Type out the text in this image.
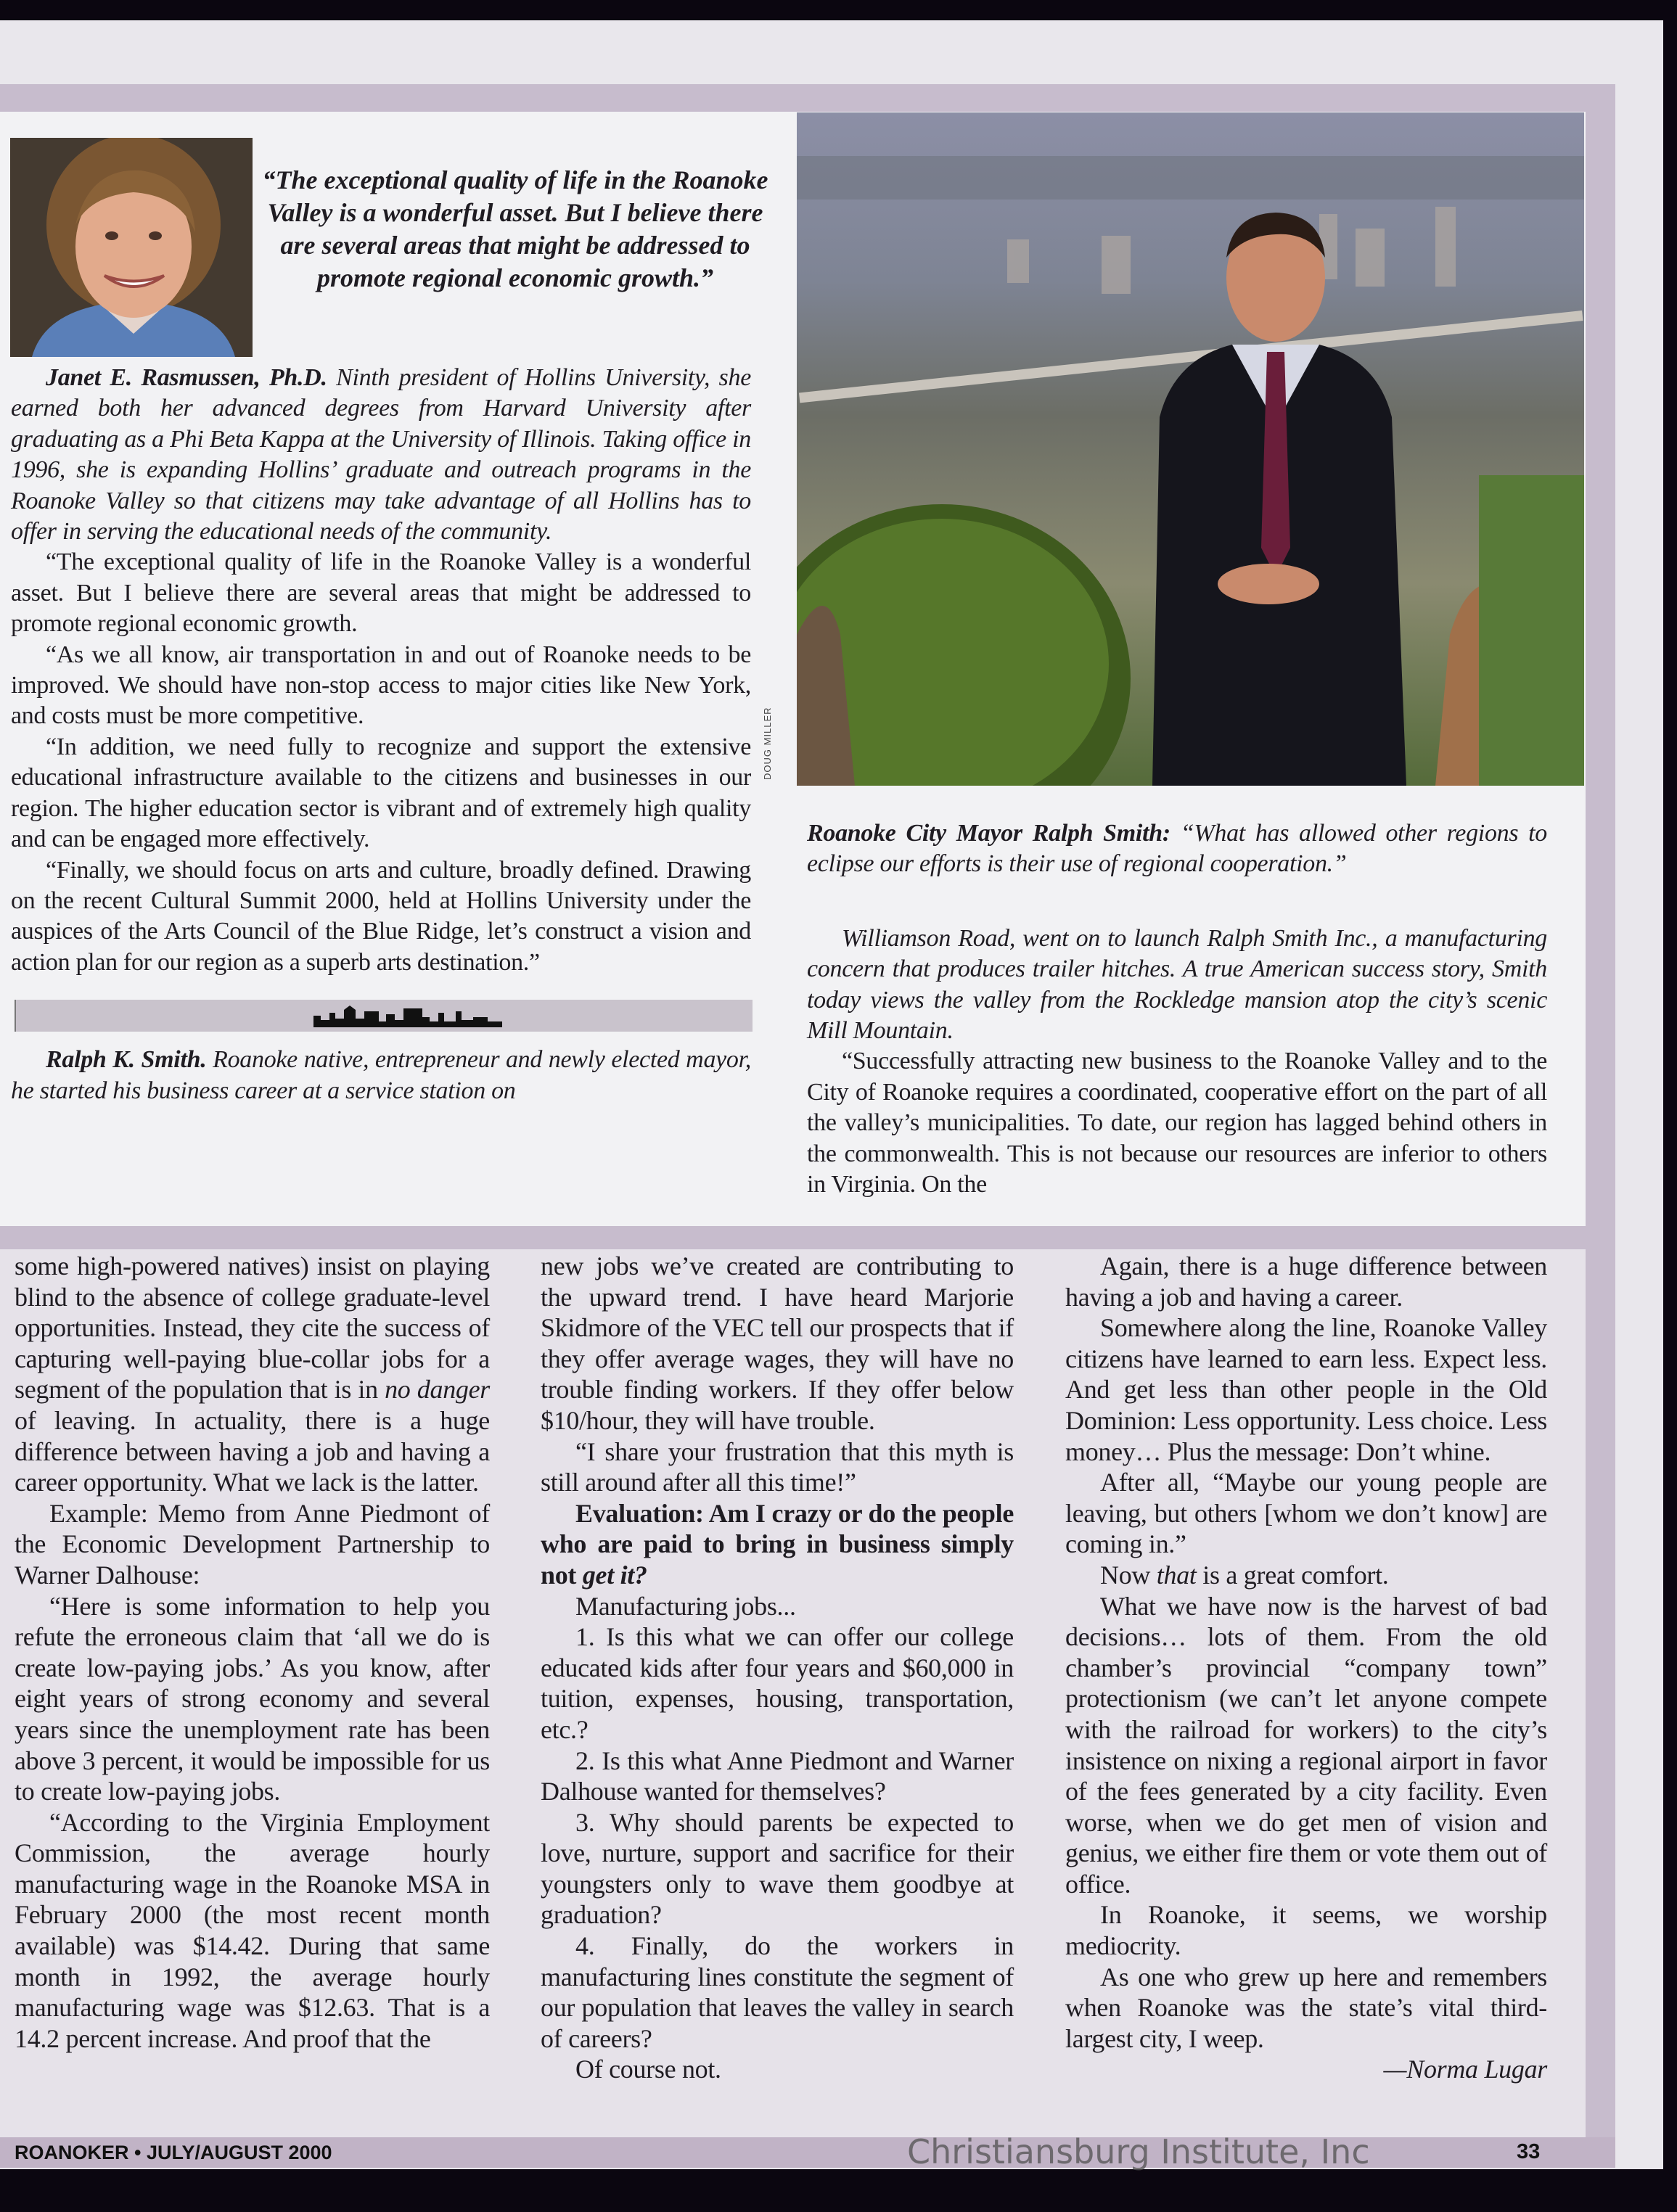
“The exceptional quality of life in the Roanoke Valley is a wonderful asset. But I believe there are several areas that might be addressed to promote regional economic growth.”

Janet E. Rasmussen, Ph.D. Ninth president of Hollins University, she earned both her advanced degrees from Harvard University after graduating as a Phi Beta Kappa at the University of Illinois. Taking office in 1996, she is expanding Hollins’ graduate and outreach programs in the Roanoke Valley so that citizens may take advantage of all Hollins has to offer in serving the educational needs of the community.

“The exceptional quality of life in the Roanoke Valley is a wonderful asset. But I believe there are several areas that might be addressed to promote regional economic growth.

“As we all know, air transportation in and out of Roanoke needs to be improved. We should have non-stop access to major cities like New York, and costs must be more competitive.

“In addition, we need fully to recognize and support the extensive educational infrastructure available to the citizens and businesses in our region. The higher education sector is vibrant and of extremely high quality and can be engaged more effectively.

“Finally, we should focus on arts and culture, broadly defined. Drawing on the recent Cultural Summit 2000, held at Hollins University under the auspices of the Arts Council of the Blue Ridge, let’s construct a vision and action plan for our region as a superb arts destination.”

Ralph K. Smith. Roanoke native, entrepreneur and newly elected mayor, he started his business career at a service station on

DOUG MILLER

Roanoke City Mayor Ralph Smith: “What has allowed other regions to eclipse our efforts is their use of regional cooperation.”

Williamson Road, went on to launch Ralph Smith Inc., a manufacturing concern that produces trailer hitches. A true American success story, Smith today views the valley from the Rockledge mansion atop the city’s scenic Mill Mountain.

“Successfully attracting new business to the Roanoke Valley and to the City of Roanoke requires a coordinated, cooperative effort on the part of all the valley’s municipalities. To date, our region has lagged behind others in the commonwealth. This is not because our resources are inferior to others in Virginia. On the

some high-powered natives) insist on playing blind to the absence of college graduate-level opportunities. Instead, they cite the success of capturing well-paying blue-collar jobs for a segment of the population that is in no danger of leaving. In actuality, there is a huge difference between having a job and having a career opportunity. What we lack is the latter.

Example: Memo from Anne Piedmont of the Economic Development Partnership to Warner Dalhouse:

“Here is some information to help you refute the erroneous claim that ‘all we do is create low-paying jobs.’ As you know, after eight years of strong economy and several years since the unemployment rate has been above 3 percent, it would be impossible for us to create low-paying jobs.

“According to the Virginia Employment Commission, the average hourly manufacturing wage in the Roanoke MSA in February 2000 (the most recent month available) was $14.42. During that same month in 1992, the average hourly manufacturing wage was $12.63. That is a 14.2 percent increase. And proof that the

new jobs we’ve created are contributing to the upward trend. I have heard Marjorie Skidmore of the VEC tell our prospects that if they offer average wages, they will have no trouble finding workers. If they offer below $10/hour, they will have trouble.

“I share your frustration that this myth is still around after all this time!”

Evaluation: Am I crazy or do the people who are paid to bring in business simply not get it?

Manufacturing jobs...

1. Is this what we can offer our college educated kids after four years and $60,000 in tuition, expenses, housing, transportation, etc.?

2. Is this what Anne Piedmont and Warner Dalhouse wanted for themselves?

3. Why should parents be expected to love, nurture, support and sacrifice for their youngsters only to wave them goodbye at graduation?

4. Finally, do the workers in manufacturing lines constitute the segment of our population that leaves the valley in search of careers?

Of course not.

Again, there is a huge difference between having a job and having a career.

Somewhere along the line, Roanoke Valley citizens have learned to earn less. Expect less. And get less than other people in the Old Dominion: Less opportunity. Less choice. Less money… Plus the message: Don’t whine.

After all, “Maybe our young people are leaving, but others [whom we don’t know] are coming in.”

Now that is a great comfort.

What we have now is the harvest of bad decisions… lots of them. From the old chamber’s provincial “company town” protectionism (we can’t let anyone compete with the railroad for workers) to the city’s insistence on nixing a regional airport in favor of the fees generated by a city facility. Even worse, when we do get men of vision and genius, we either fire them or vote them out of office.

In Roanoke, it seems, we worship mediocrity.

As one who grew up here and remembers when Roanoke was the state’s vital third-largest city, I weep.

—Norma Lugar

ROANOKER • JULY/AUGUST 2000	Christiansburg Institute, Inc	33
